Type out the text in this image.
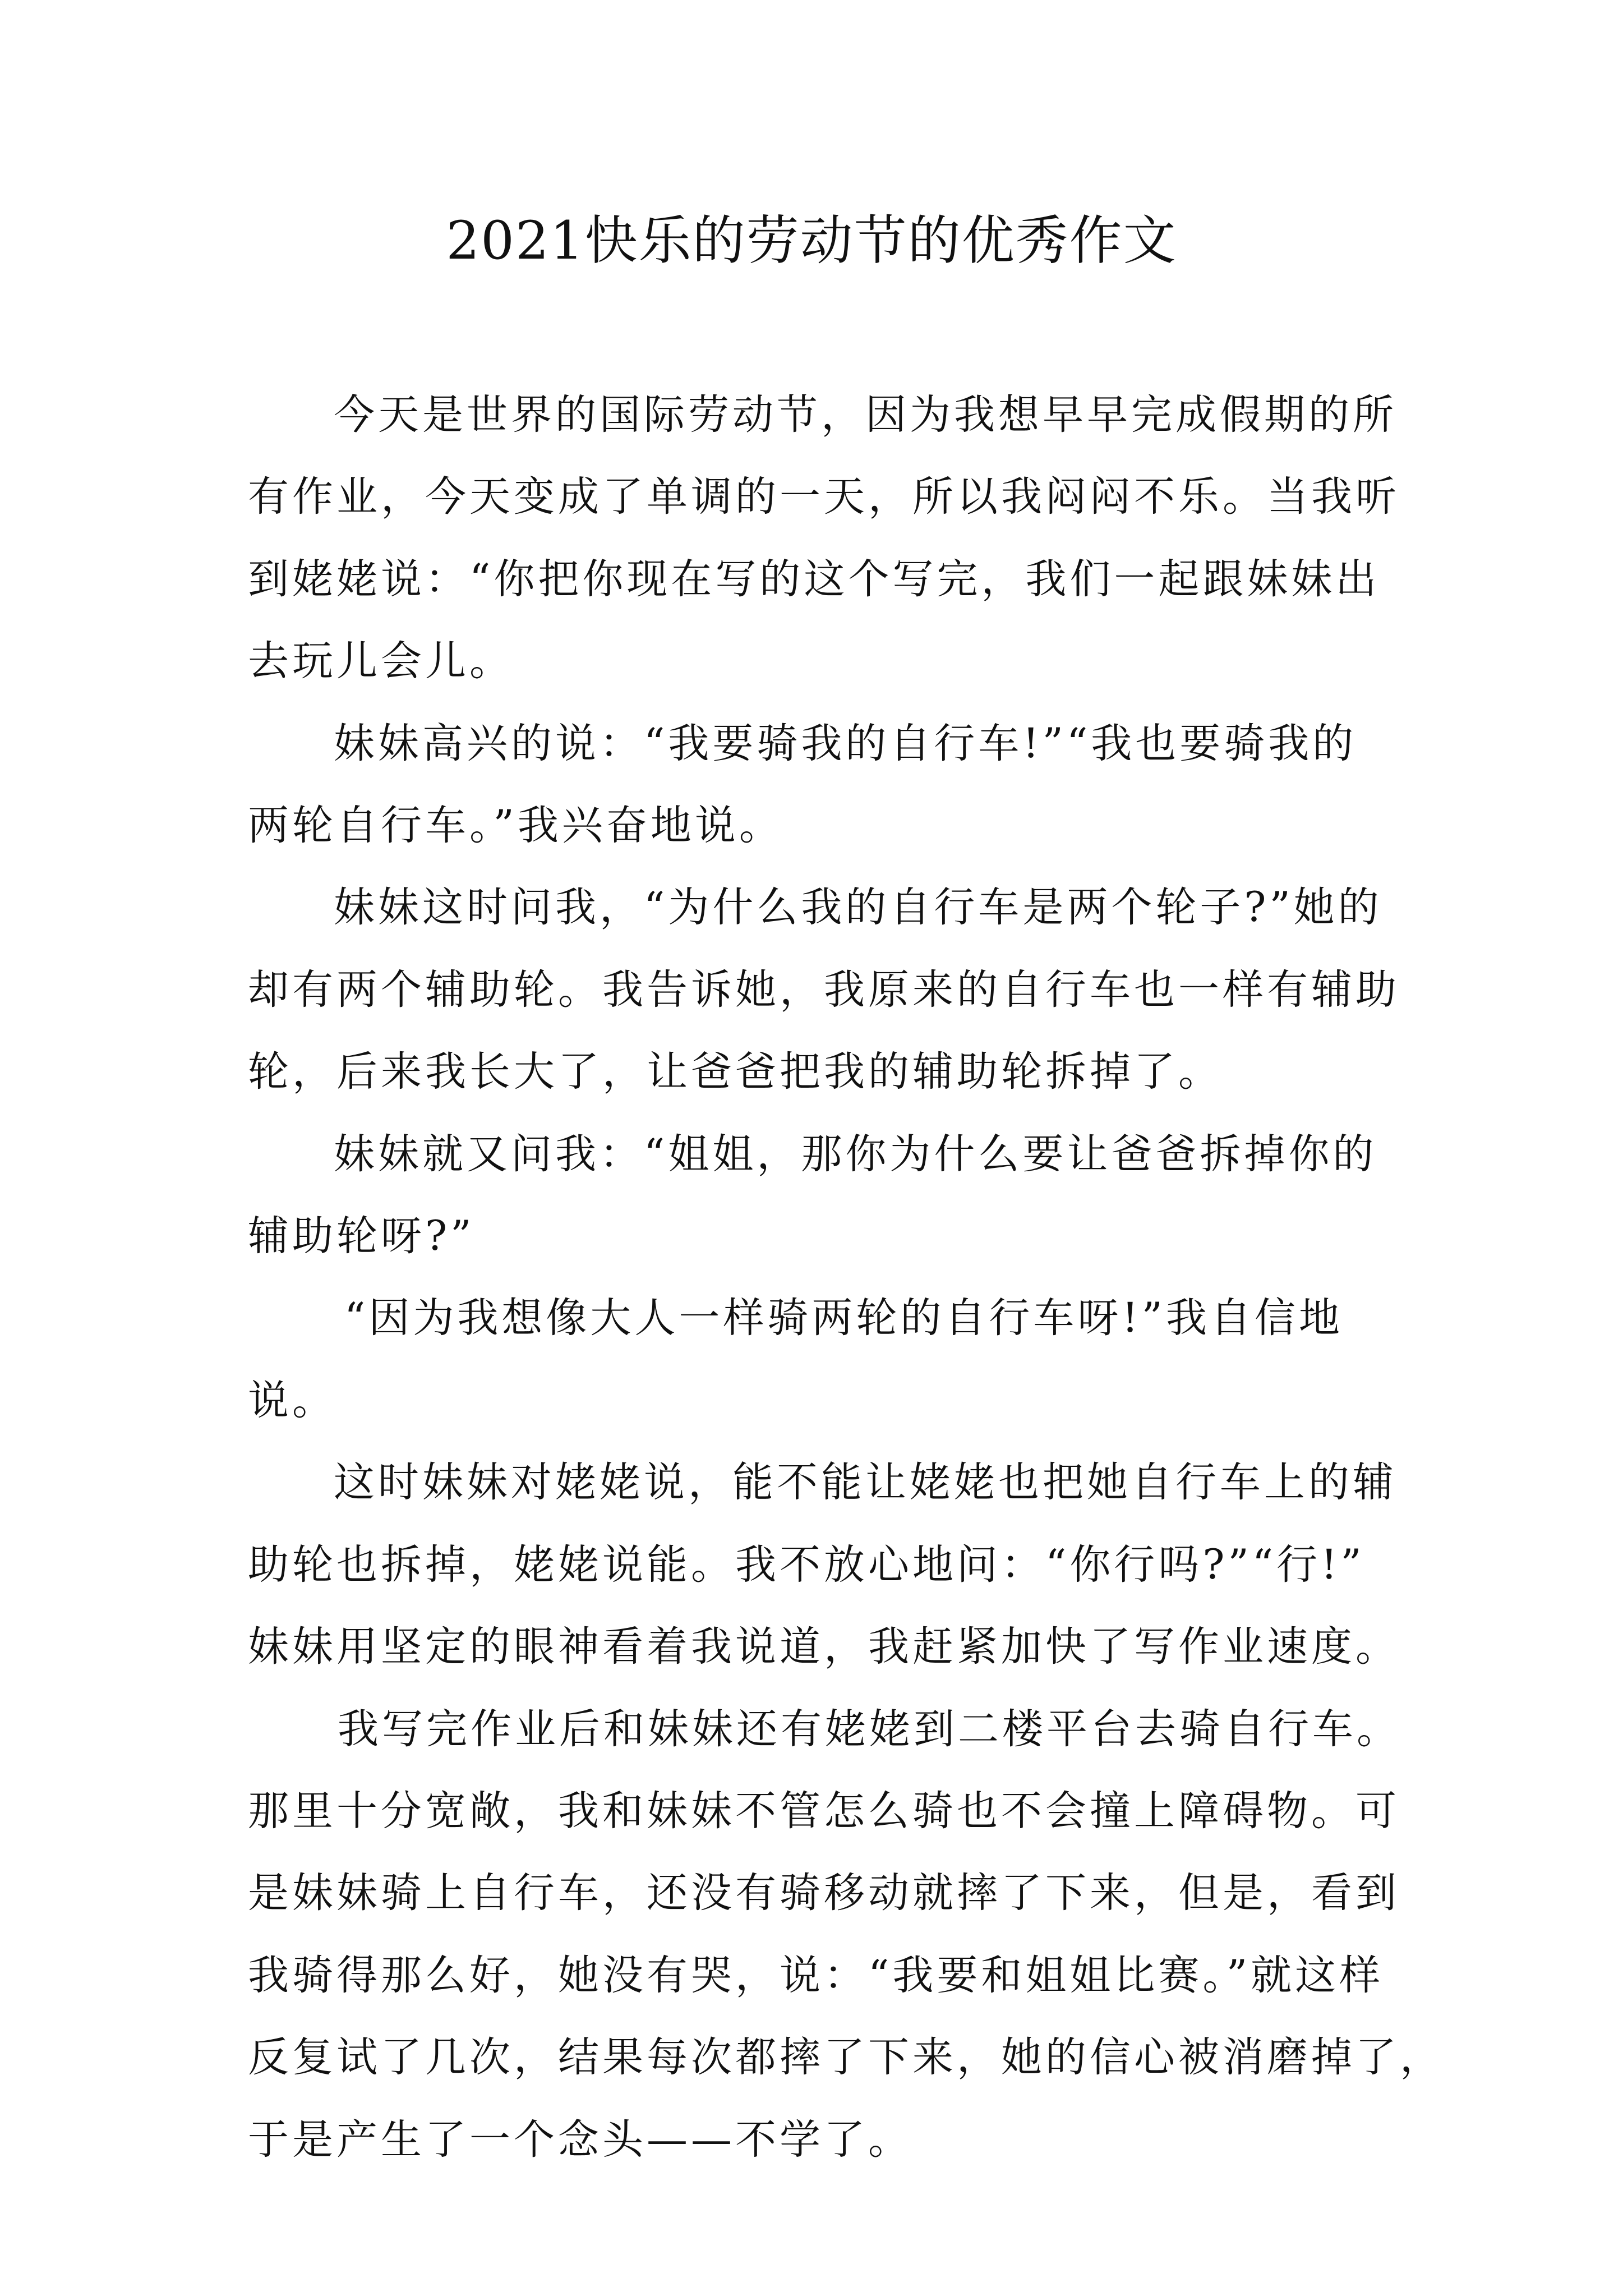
2021快乐的劳动节的优秀作文
今天是世界的国际劳动节，因为我想早早完成假期的所
有作业，今天变成了单调的一天，所以我闷闷不乐。当我听
到姥姥说：“你把你现在写的这个写完，我们一起跟妹妹出
去玩儿会儿。
妹妹高兴的说：“我要骑我的自行车!”“我也要骑我的
两轮自行车。”我兴奋地说。
妹妹这时问我，“为什么我的自行车是两个轮子?”她的
却有两个辅助轮。我告诉她，我原来的自行车也一样有辅助
轮，后来我长大了，让爸爸把我的辅助轮拆掉了。
妹妹就又问我：“姐姐，那你为什么要让爸爸拆掉你的
辅助轮呀?”
“因为我想像大人一样骑两轮的自行车呀!”我自信地
说。
这时妹妹对姥姥说，能不能让姥姥也把她自行车上的辅
助轮也拆掉，姥姥说能。我不放心地问：“你行吗?”“行!”
妹妹用坚定的眼神看着我说道，我赶紧加快了写作业速度。
我写完作业后和妹妹还有姥姥到二楼平台去骑自行车。
那里十分宽敞，我和妹妹不管怎么骑也不会撞上障碍物。可
是妹妹骑上自行车，还没有骑移动就摔了下来，但是，看到
我骑得那么好，她没有哭，说：“我要和姐姐比赛。”就这样
反复试了几次，结果每次都摔了下来，她的信心被消磨掉了，
于是产生了一个念头——不学了。
